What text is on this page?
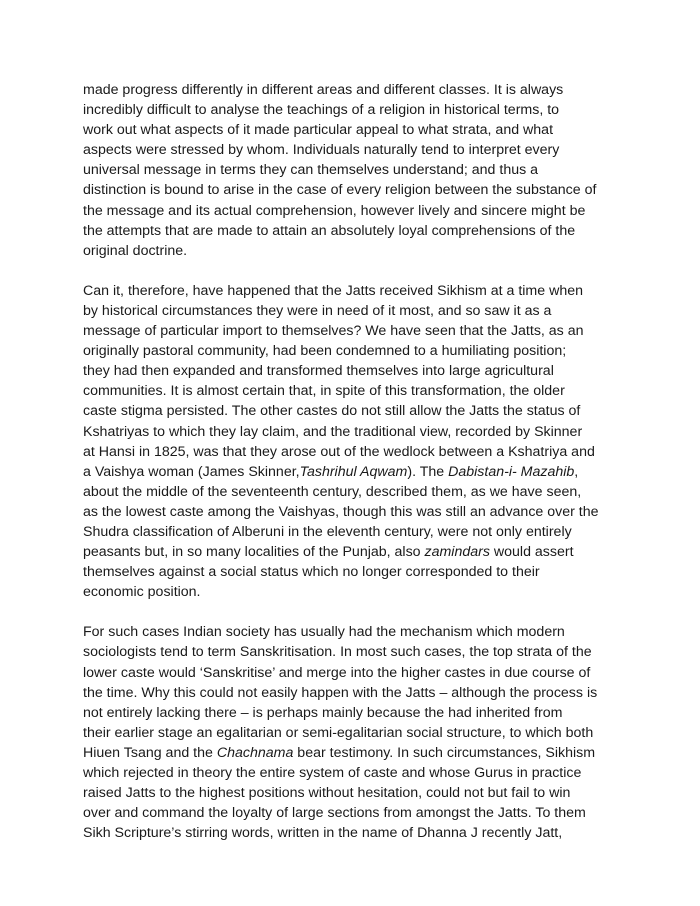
made progress differently in different areas and different classes. It is always
incredibly difficult to analyse the teachings of a religion in historical terms, to
work out what aspects of it made particular appeal to what strata, and what
aspects were stressed by whom. Individuals naturally tend to interpret every
universal message in terms they can themselves understand; and thus a
distinction is bound to arise in the case of every religion between the substance of
the message and its actual comprehension, however lively and sincere might be
the attempts that are made to attain an absolutely loyal comprehensions of the
original doctrine.
Can it, therefore, have happened that the Jatts received Sikhism at a time when
by historical circumstances they were in need of it most, and so saw it as a
message of particular import to themselves? We have seen that the Jatts, as an
originally pastoral community, had been condemned to a humiliating position;
they had then expanded and transformed themselves into large agricultural
communities. It is almost certain that, in spite of this transformation, the older
caste stigma persisted. The other castes do not still allow the Jatts the status of
Kshatriyas to which they lay claim, and the traditional view, recorded by Skinner
at Hansi in 1825, was that they arose out of the wedlock between a Kshatriya and
a Vaishya woman (James Skinner,Tashrihul Aqwam). The Dabistan-i- Mazahib,
about the middle of the seventeenth century, described them, as we have seen,
as the lowest caste among the Vaishyas, though this was still an advance over the
Shudra classification of Alberuni in the eleventh century, were not only entirely
peasants but, in so many localities of the Punjab, also zamindars would assert
themselves against a social status which no longer corresponded to their
economic position.
For such cases Indian society has usually had the mechanism which modern
sociologists tend to term Sanskritisation. In most such cases, the top strata of the
lower caste would ‘Sanskritise’ and merge into the higher castes in due course of
the time. Why this could not easily happen with the Jatts – although the process is
not entirely lacking there – is perhaps mainly because the had inherited from
their earlier stage an egalitarian or semi-egalitarian social structure, to which both
Hiuen Tsang and the Chachnama bear testimony. In such circumstances, Sikhism
which rejected in theory the entire system of caste and whose Gurus in practice
raised Jatts to the highest positions without hesitation, could not but fail to win
over and command the loyalty of large sections from amongst the Jatts. To them
Sikh Scripture’s stirring words, written in the name of Dhanna J recently Jatt,
